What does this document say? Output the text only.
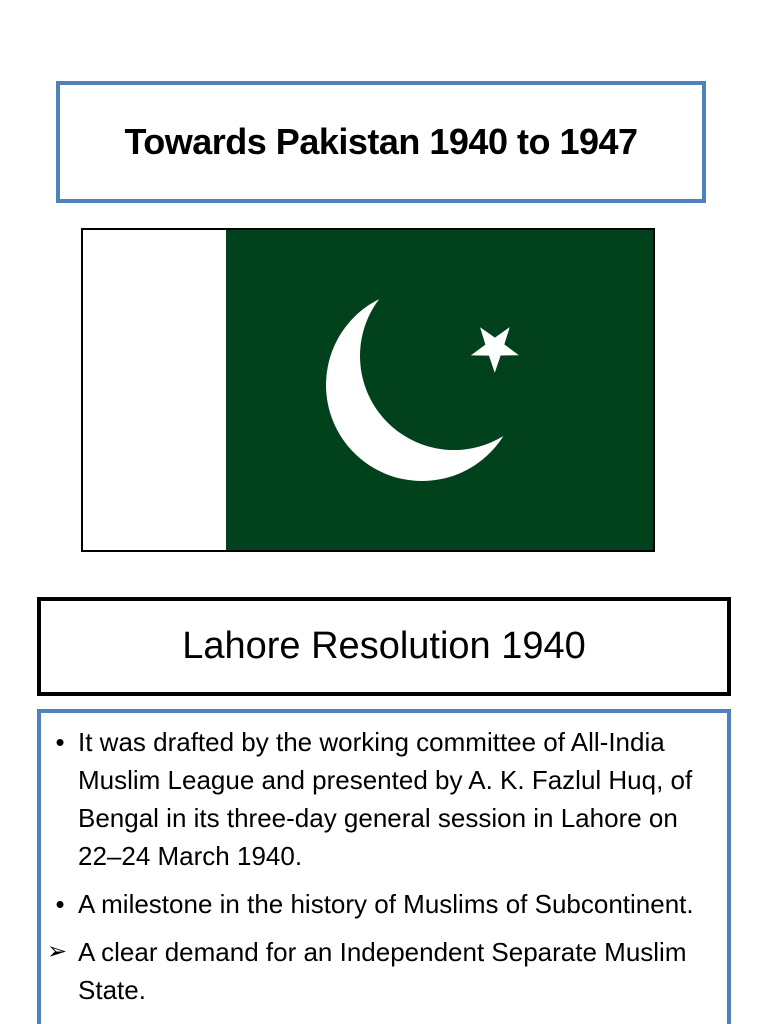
Towards Pakistan 1940 to 1947
Lahore Resolution 1940
• It was drafted by the working committee of All-India Muslim League and presented by A. K. Fazlul Huq, of Bengal in its three-day general session in Lahore on 22–24 March 1940.
• A milestone in the history of Muslims of Subcontinent.
➢ A clear demand for an Independent Separate Muslim State.
